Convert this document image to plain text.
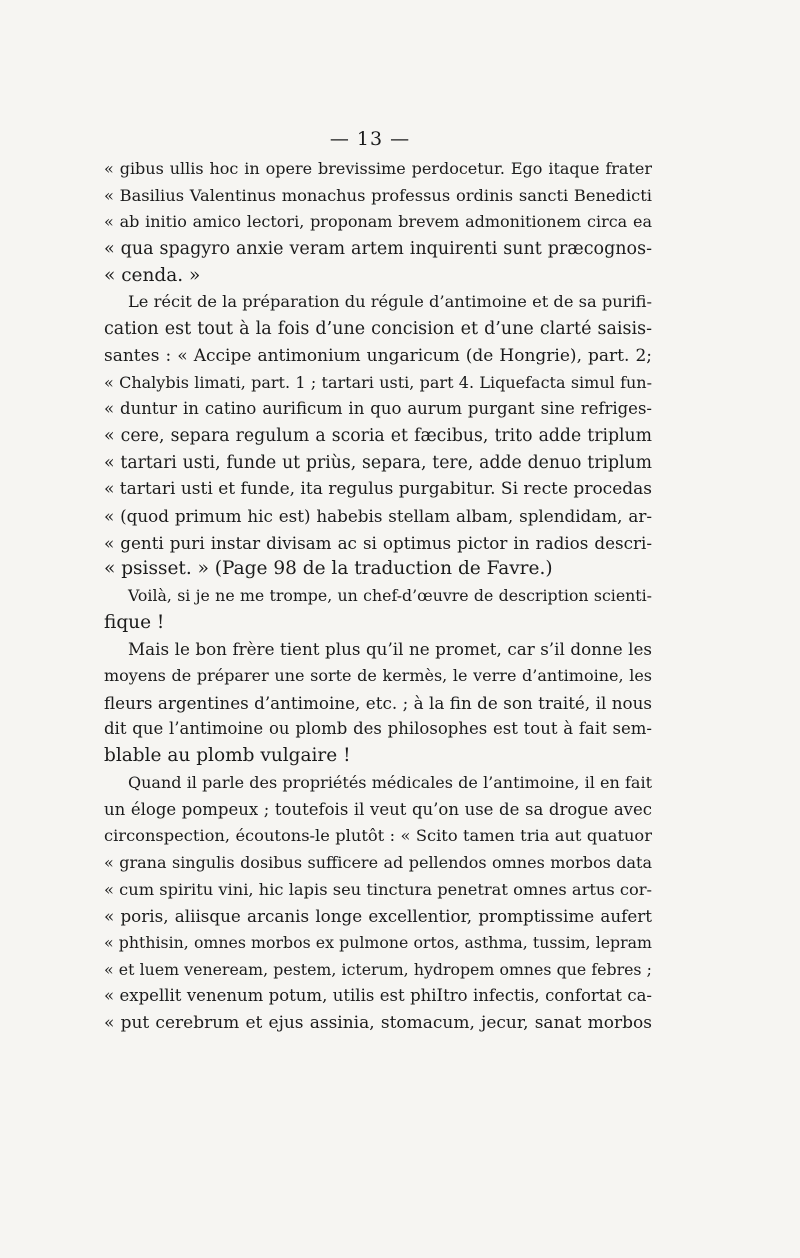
— 13 —
« gibus ullis hoc in opere brevissime perdocetur. Ego itaque frater
« Basilius Valentinus monachus professus ordinis sancti Benedicti
« ab initio amico lectori, proponam brevem admonitionem circa ea
« qua spagyro anxie veram artem inquirenti sunt præcognos-
« cenda. »
Le récit de la préparation du régule d’antimoine et de sa purifi-
cation est tout à la fois d’une concision et d’une clarté saisis-
santes : « Accipe antimonium ungaricum (de Hongrie), part. 2;
« Chalybis limati, part. 1 ; tartari usti, part 4. Liquefacta simul fun-
« duntur in catino aurificum in quo aurum purgant sine refriges-
« cere, separa regulum a scoria et fæcibus, trito adde triplum
« tartari usti, funde ut priùs, separa, tere, adde denuo triplum
« tartari usti et funde, ita regulus purgabitur. Si recte procedas
« (quod primum hic est) habebis stellam albam, splendidam, ar-
« genti puri instar divisam ac si optimus pictor in radios descri-
« psisset. » (Page 98 de la traduction de Favre.)
Voilà, si je ne me trompe, un chef-d’œuvre de description scienti-
fique !
Mais le bon frère tient plus qu’il ne promet, car s’il donne les
moyens de préparer une sorte de kermès, le verre d’antimoine, les
fleurs argentines d’antimoine, etc. ; à la fin de son traité, il nous
dit que l’antimoine ou plomb des philosophes est tout à fait sem-
blable au plomb vulgaire !
Quand il parle des propriétés médicales de l’antimoine, il en fait
un éloge pompeux ; toutefois il veut qu’on use de sa drogue avec
circonspection, écoutons-le plutôt : « Scito tamen tria aut quatuor
« grana singulis dosibus sufficere ad pellendos omnes morbos data
« cum spiritu vini, hic lapis seu tinctura penetrat omnes artus cor-
« poris, aliisque arcanis longe excellentior, promptissime aufert
« phthisin, omnes morbos ex pulmone ortos, asthma, tussim, lepram
« et luem veneream, pestem, icterum, hydropem omnes que febres ;
« expellit venenum potum, utilis est phiItro infectis, confortat ca-
« put cerebrum et ejus assinia, stomacum, jecur, sanat morbos
